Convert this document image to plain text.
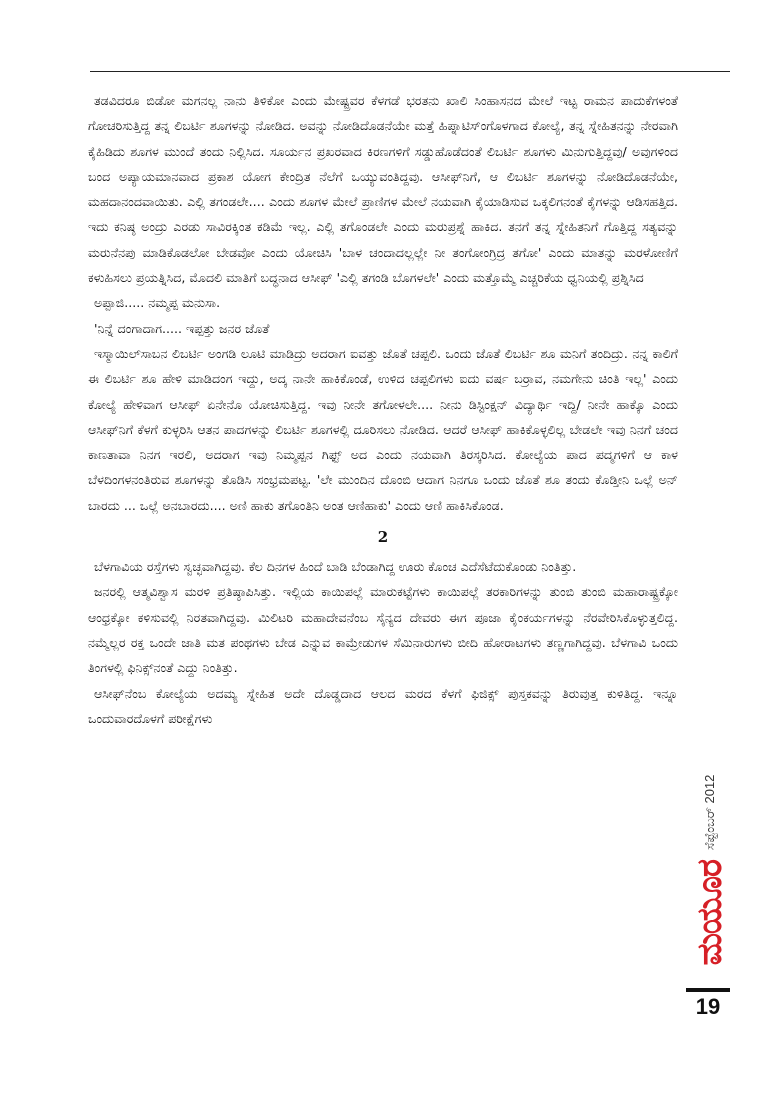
ತಡವಿದರೂ ಬಿಡೋ ಮಗನಲ್ಲ ನಾನು ತಿಳಿಕೋ ಎಂದು ಮೇಷ್ಟ್ರವರ ಕೆಳಗಡೆ ಭರತನು ಖಾಲಿ ಸಿಂಹಾಸನದ ಮೇಲೆ ಇಟ್ಟ ರಾಮನ ಪಾದುಕೆಗಳಂತೆ ಗೋಚರಿಸುತ್ತಿದ್ದ ತನ್ನ ಲಿಬರ್ಟಿ ಶೂಗಳನ್ನು ನೋಡಿದ. ಅವನ್ನು ನೋಡಿದೊಡನೆಯೇ ಮತ್ತೆ ಹಿಪ್ನಾಟಿಸ್ಂಗೊಳಗಾದ ಕೋಲ್ಯೆ, ತನ್ನ ಸ್ನೇಹಿತನನ್ನು ನೇರವಾಗಿ ಕೈಹಿಡಿದು ಶೂಗಳ ಮುಂದೆ ತಂದು ನಿಲ್ಲಿಸಿದ. ಸೂರ್ಯನ ಪ್ರಖರವಾದ ಕಿರಣಗಳಿಗೆ ಸಡ್ಡುಹೊಡೆದಂತೆ ಲಿಬರ್ಟಿ ಶೂಗಳು ಮಿನುಗುತ್ತಿದ್ದವು/ ಅವುಗಳಿಂದ ಬಂದ ಅಪ್ಯಾಯಮಾನವಾದ ಪ್ರಕಾಶ ಯೋಗ ಕೇಂದ್ರಿತ ನೆಲೆಗೆ ಒಯ್ಯುವಂತಿದ್ದವು. ಆಸೀಫ್‌ನಿಗೆ, ಆ ಲಿಬರ್ಟಿ ಶೂಗಳನ್ನು ನೋಡಿದೊಡನೆಯೇ, ಮಹದಾನಂದವಾಯಿತು. ಎಲ್ಲಿ ತಗಂಡಲೇ.... ಎಂದು ಶೂಗಳ ಮೇಲೆ ಪ್ರಾಣಿಗಳ ಮೇಲೆ ನಯವಾಗಿ ಕೈಯಾಡಿಸುವ ಒಕ್ಕಲಿಗನಂತೆ ಕೈಗಳನ್ನು ಆಡಿಸಹತ್ತಿದ. ಇದು ಕನಿಷ್ಠ ಅಂದ್ರು ಎರಡು ಸಾವಿರಕ್ಕಿಂತ ಕಡಿಮೆ ಇಲ್ಲ. ಎಲ್ಲಿ ತಗೊಂಡಲೇ ಎಂದು ಮರುಪ್ರಶ್ನೆ ಹಾಕಿದ. ತನಗೆ ತನ್ನ ಸ್ನೇಹಿತನಿಗೆ ಗೊತ್ತಿದ್ದ ಸತ್ಯವನ್ನು ಮರುನೆನಪು ಮಾಡಿಕೊಡಲೋ ಬೇಡವೋ ಎಂದು ಯೋಚಿಸಿ 'ಬಾಳ ಚಂದಾದಲ್ಲಲ್ಲೇ ನೀ ತಂಗೋಂಗ್ರಿದ್ರ ತಗೋ' ಎಂದು ಮಾತನ್ನು ಮರಳೋಣಿಗೆ ಕಳುಹಿಸಲು ಪ್ರಯತ್ನಿಸಿದ, ಮೊದಲಿ ಮಾತಿಗೆ ಬದ್ಧನಾದ ಆಸೀಫ್ 'ಎಲ್ಲಿ ತಗಂಡಿ ಬೊಗಳಲೇ' ಎಂದು ಮತ್ತೊಮ್ಮೆ ಎಚ್ಚರಿಕೆಯ ಧ್ವನಿಯಲ್ಲಿ ಪ್ರಶ್ನಿಸಿದ

ಅಪ್ಪಾಜಿ..... ನಮ್ಮಪ್ಪ ಮನುಸಾ.

'ನಿನ್ನೆ ದಂಗಾದಾಗ..... ಇಪ್ಪತ್ತು ಜನರ ಜೊತೆ

ಇಸ್ಮಾಯಿಲ್‌ಸಾಬನ ಲಿಬರ್ಟಿ ಅಂಗಡಿ ಲೂಟಿ ಮಾಡಿದ್ರು ಅದರಾಗ ಐವತ್ತು ಜೊತೆ ಚಪ್ಪಲಿ. ಒಂದು ಜೊತೆ ಲಿಬರ್ಟಿ ಶೂ ಮನಿಗೆ ತಂದಿದ್ರು. ನನ್ನ ಕಾಲಿಗೆ ಈ ಲಿಬರ್ಟಿ ಶೂ ಹೇಳಿ ಮಾಡಿದಂಗ ಇದ್ದು, ಅದ್ಕ ನಾನೇ ಹಾಕಿಕೊಂಡೆ, ಉಳಿದ ಚಪ್ಪಲಿಗಳು ಐದು ವರ್ಷ ಬರ್ರಾವ, ನಮಗೇನು ಚಿಂತಿ ಇಲ್ಲ' ಎಂದು ಕೋಲ್ಯೆ ಹೇಳಿವಾಗ ಆಸೀಫ್ ಏನೇನೊ ಯೋಚಿಸುತ್ತಿದ್ದ. ಇವು ನೀನೇ ತಗೋಳಲೇ.... ನೀನು ಡಿಸ್ಟಿಂಕ್ಷನ್ ವಿದ್ಯಾರ್ಥಿ ಇದ್ದಿ/ ನೀನೇ ಹಾಕ್ಕೊ ಎಂದು ಆಸೀಫ್‌ನಿಗೆ ಕೆಳಗೆ ಕುಳ್ಳರಿಸಿ ಆತನ ಪಾದಗಳನ್ನು ಲಿಬರ್ಟಿ ಶೂಗಳಲ್ಲಿ ದೂರಿಸಲು ನೋಡಿದ. ಆದರೆ ಆಸೀಫ್ ಹಾಕಿಕೊಳ್ಳಲಿಲ್ಲ ಬೇಡಲೇ ಇವು ನಿನಗೆ ಚಂದ ಕಾಣತಾವಾ ನಿನಗ ಇರಲಿ, ಅದರಾಗ ಇವು ನಿಮ್ಮಪ್ಪನ ಗಿಫ್ಟ್ ಅದ ಎಂದು ನಯವಾಗಿ ತಿರಸ್ಕರಿಸಿದ. ಕೋಲ್ಯೆಯ ಪಾದ ಪದ್ಮಗಳಿಗೆ ಆ ಕಾಳ ಬೆಳದಿಂಗಳನಂತಿರುವ ಶೂಗಳನ್ನು ತೊಡಿಸಿ ಸಂಭ್ರಮಪಟ್ಟ. 'ಲೇ ಮುಂದಿನ ದೊಂಬಿ ಆದಾಗ ನಿನಗೂ ಒಂದು ಜೊತೆ ಶೂ ತಂದು ಕೊಡ್ತೀನಿ ಒಲ್ಲೆ ಅನ್ ಬಾರದು ... ಒಲ್ಲೆ ಅನಬಾರದು.... ಅಣಿ ಹಾಕು ತಗೊಂತಿನಿ ಅಂತ ಆಣಿಹಾಕು' ಎಂದು ಆಣಿ ಹಾಕಿಸಿಕೊಂಡ.

2

ಬೆಳಗಾವಿಯ ರಸ್ತೆಗಳು ಸ್ವಚ್ಛವಾಗಿದ್ದವು. ಕೆಲ ದಿನಗಳ ಹಿಂದೆ ಬಾಡಿ ಬೆಂಡಾಗಿದ್ದ ಊರು ಕೊಂಚ ಎದೆಸೆಟೆದುಕೊಂಡು ನಿಂತಿತ್ತು.

ಜನರಲ್ಲಿ ಆತ್ಮವಿಶ್ವಾಸ ಮರಳಿ ಪ್ರತಿಷ್ಠಾಪಿಸಿತ್ತು. ಇಲ್ಲಿಯ ಕಾಯಿಪಲ್ಲೆ ಮಾರುಕಟ್ಟೆಗಳು ಕಾಯಿಪಲ್ಲೆ ತರಕಾರಿಗಳನ್ನು ತುಂಬಿ ತುಂಬಿ ಮಹಾರಾಷ್ಟ್ರಕ್ಕೋ ಆಂಧ್ರಕ್ಕೋ ಕಳಿಸುವಲ್ಲಿ ನಿರತವಾಗಿದ್ದವು. ಮಿಲಿಟರಿ ಮಹಾದೇವನೆಂಬ ಸೈನ್ಯದ ದೇವರು ಈಗ ಪೂಜಾ ಕೈಂಕರ್ಯಗಳನ್ನು ನೆರವೇರಿಸಿಕೊಳ್ಳುತ್ತಲಿದ್ದ. ನಮ್ಮೆಲ್ಲರ ರಕ್ತ ಒಂದೇ ಜಾತಿ ಮತ ಪಂಥಗಳು ಬೇಡ ಎನ್ನುವ ಕಾಮ್ರೇಡುಗಳ ಸೆಮಿನಾರುಗಳು ಬೀದಿ ಹೋರಾಟಗಳು ತಣ್ಣಗಾಗಿದ್ದವು. ಬೆಳಗಾವಿ ಒಂದು ತಿಂಗಳಲ್ಲಿ ಫಿನಿಕ್ಸ್‌ನಂತೆ ಎದ್ದು ನಿಂತಿತ್ತು.

ಆಸೀಫ್‌ನೆಂಬ ಕೋಲ್ಯೆಯ ಅದಮ್ಯ ಸ್ನೇಹಿತ ಅದೇ ದೊಡ್ಡದಾದ ಆಲದ ಮರದ ಕೆಳಗೆ ಫಿಜಿಕ್ಸ್ ಪುಸ್ತಕವನ್ನು ತಿರುವುತ್ತ ಕುಳಿತಿದ್ದ. ಇನ್ನೂ ಒಂದುವಾರದೊಳಗೆ ಪರೀಕ್ಷೆಗಳು

ಮಯೂರ
ಸೆಪ್ಟೆಂಬರ್ 2012
19
